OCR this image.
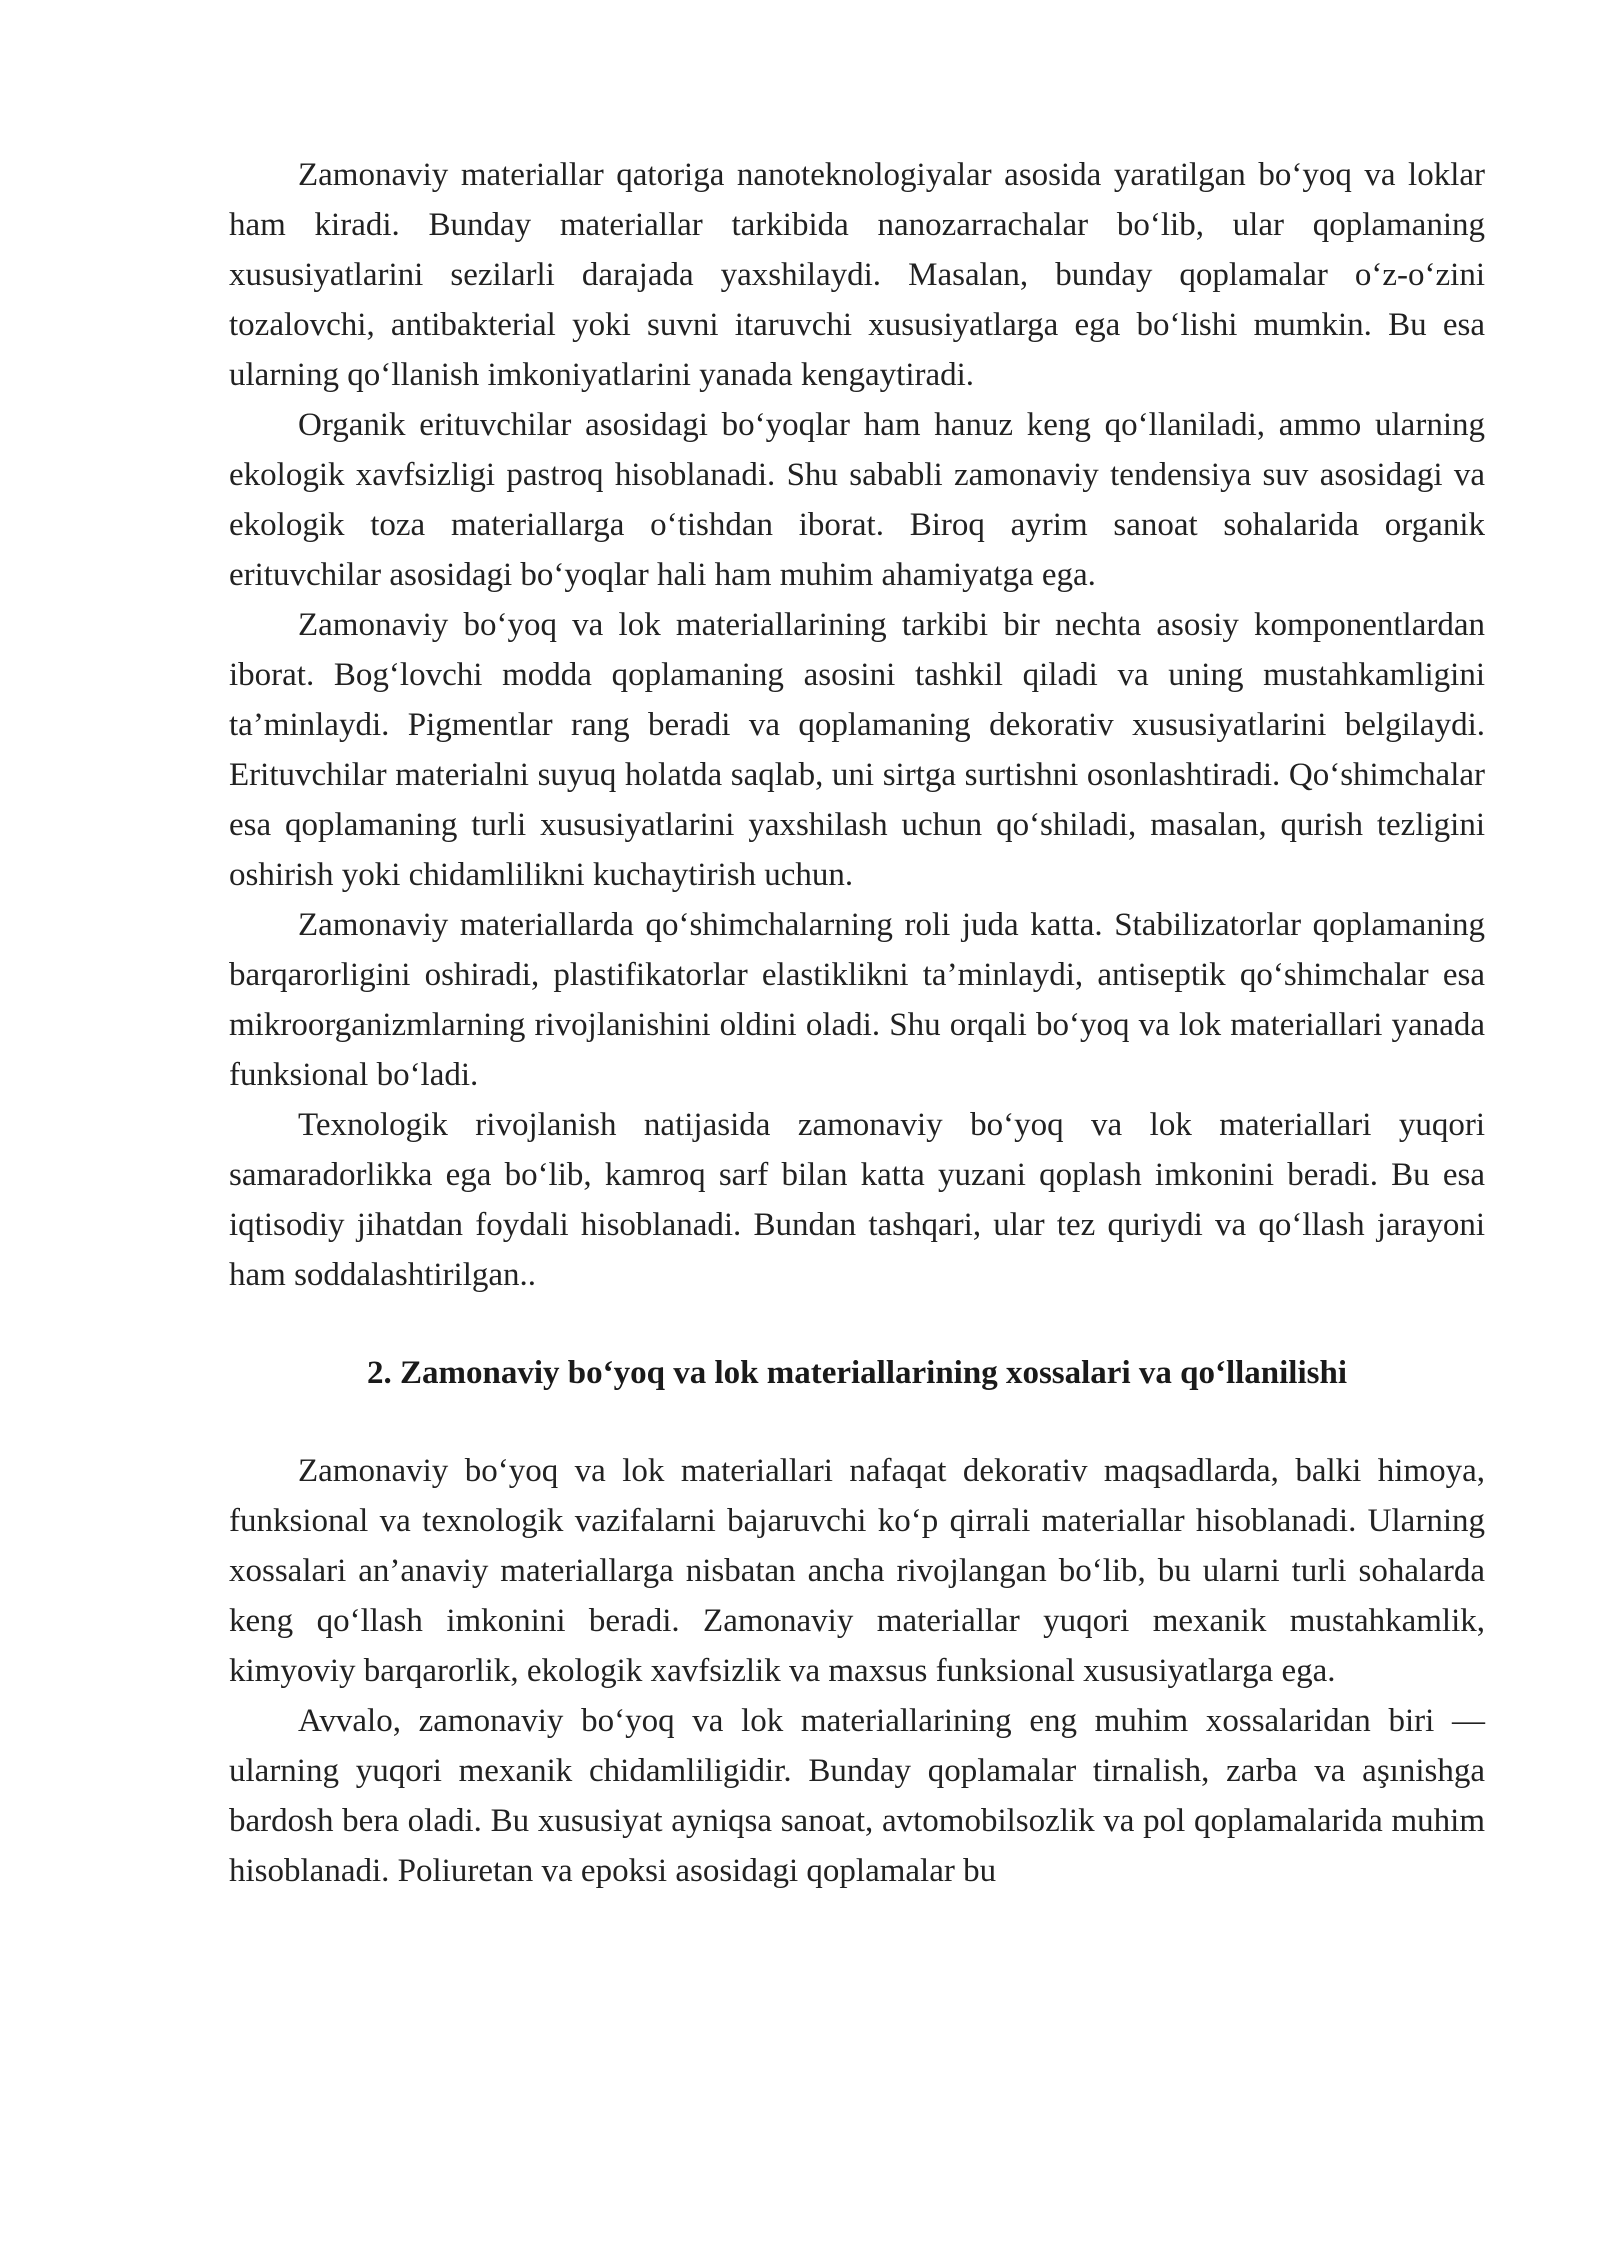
Zamonaviy materiallar qatoriga nanoteknologiyalar asosida yaratilgan bo‘yoq va loklar ham kiradi. Bunday materiallar tarkibida nanozarrachalar bo‘lib, ular qoplamaning xususiyatlarini sezilarli darajada yaxshilaydi. Masalan, bunday qoplamalar o‘z-o‘zini tozalovchi, antibakterial yoki suvni itaruvchi xususiyatlarga ega bo‘lishi mumkin. Bu esa ularning qo‘llanish imkoniyatlarini yanada kengaytiradi.

Organik erituvchilar asosidagi bo‘yoqlar ham hanuz keng qo‘llaniladi, ammo ularning ekologik xavfsizligi pastroq hisoblanadi. Shu sababli zamonaviy tendensiya suv asosidagi va ekologik toza materiallarga o‘tishdan iborat. Biroq ayrim sanoat sohalarida organik erituvchilar asosidagi bo‘yoqlar hali ham muhim ahamiyatga ega.

Zamonaviy bo‘yoq va lok materiallarining tarkibi bir nechta asosiy komponentlardan iborat. Bog‘lovchi modda qoplamaning asosini tashkil qiladi va uning mustahkamligini ta’minlaydi. Pigmentlar rang beradi va qoplamaning dekorativ xususiyatlarini belgilaydi. Erituvchilar materialni suyuq holatda saqlab, uni sirtga surtishni osonlashtiradi. Qo‘shimchalar esa qoplamaning turli xususiyatlarini yaxshilash uchun qo‘shiladi, masalan, qurish tezligini oshirish yoki chidamlilikni kuchaytirish uchun.

Zamonaviy materiallarda qo‘shimchalarning roli juda katta. Stabilizatorlar qoplamaning barqarorligini oshiradi, plastifikatorlar elastiklikni ta’minlaydi, antiseptik qo‘shimchalar esa mikroorganizmlarning rivojlanishini oldini oladi. Shu orqali bo‘yoq va lok materiallari yanada funksional bo‘ladi.

Texnologik rivojlanish natijasida zamonaviy bo‘yoq va lok materiallari yuqori samaradorlikka ega bo‘lib, kamroq sarf bilan katta yuzani qoplash imkonini beradi. Bu esa iqtisodiy jihatdan foydali hisoblanadi. Bundan tashqari, ular tez quriydi va qo‘llash jarayoni ham soddalashtirilgan..

2. Zamonaviy bo‘yoq va lok materiallarining xossalari va qo‘llanilishi

Zamonaviy bo‘yoq va lok materiallari nafaqat dekorativ maqsadlarda, balki himoya, funksional va texnologik vazifalarni bajaruvchi ko‘p qirrali materiallar hisoblanadi. Ularning xossalari an’anaviy materiallarga nisbatan ancha rivojlangan bo‘lib, bu ularni turli sohalarda keng qo‘llash imkonini beradi. Zamonaviy materiallar yuqori mexanik mustahkamlik, kimyoviy barqarorlik, ekologik xavfsizlik va maxsus funksional xususiyatlarga ega.

Avvalo, zamonaviy bo‘yoq va lok materiallarining eng muhim xossalaridan biri — ularning yuqori mexanik chidamliligidir. Bunday qoplamalar tirnalish, zarba va aşınishga bardosh bera oladi. Bu xususiyat ayniqsa sanoat, avtomobilsozlik va pol qoplamalarida muhim hisoblanadi. Poliuretan va epoksi asosidagi qoplamalar bu
